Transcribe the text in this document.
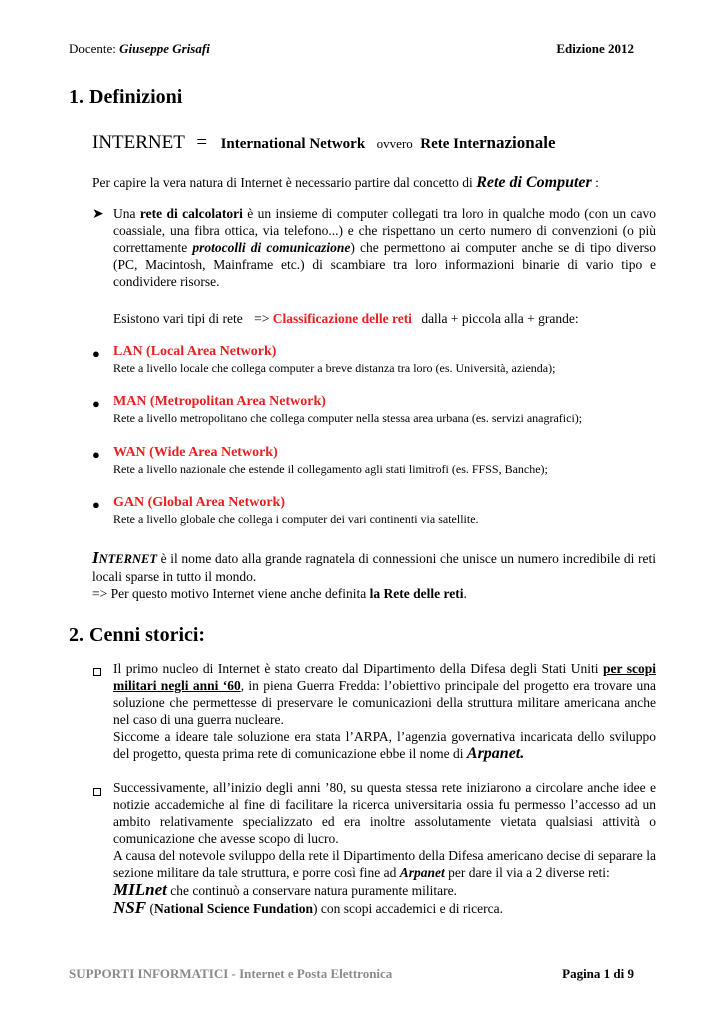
Docente: Giuseppe Grisafi	Edizione 2012
1. Definizioni
INTERNET = International Network ovvero Rete Internazionale
Per capire la vera natura di Internet è necessario partire dal concetto di Rete di Computer :
➤ Una rete di calcolatori è un insieme di computer collegati tra loro in qualche modo (con un cavo coassiale, una fibra ottica, via telefono...) e che rispettano un certo numero di convenzioni (o più correttamente protocolli di comunicazione) che permettono ai computer anche se di tipo diverso (PC, Macintosh, Mainframe etc.) di scambiare tra loro informazioni binarie di vario tipo e condividere risorse.
Esistono vari tipi di rete => Classificazione delle reti dalla + piccola alla + grande:
● LAN (Local Area Network)
Rete a livello locale che collega computer a breve distanza tra loro (es. Università, azienda);
● MAN (Metropolitan Area Network)
Rete a livello metropolitano che collega computer nella stessa area urbana (es. servizi anagrafici);
● WAN (Wide Area Network)
Rete a livello nazionale che estende il collegamento agli stati limitrofi (es. FFSS, Banche);
● GAN (Global Area Network)
Rete a livello globale che collega i computer dei vari continenti via satellite.
INTERNET è il nome dato alla grande ragnatela di connessioni che unisce un numero incredibile di reti locali sparse in tutto il mondo.
=> Per questo motivo Internet viene anche definita la Rete delle reti.
2. Cenni storici:
Il primo nucleo di Internet è stato creato dal Dipartimento della Difesa degli Stati Uniti per scopi militari negli anni ‘60, in piena Guerra Fredda: l’obiettivo principale del progetto era trovare una soluzione che permettesse di preservare le comunicazioni della struttura militare americana anche nel caso di una guerra nucleare.
Siccome a ideare tale soluzione era stata l’ARPA, l’agenzia governativa incaricata dello sviluppo del progetto, questa prima rete di comunicazione ebbe il nome di Arpanet.
Successivamente, all’inizio degli anni ’80, su questa stessa rete iniziarono a circolare anche idee e notizie accademiche al fine di facilitare la ricerca universitaria ossia fu permesso l’accesso ad un ambito relativamente specializzato ed era inoltre assolutamente vietata qualsiasi attività o comunicazione che avesse scopo di lucro.
A causa del notevole sviluppo della rete il Dipartimento della Difesa americano decise di separare la sezione militare da tale struttura, e porre così fine ad Arpanet per dare il via a 2 diverse reti:
MILnet che continuò a conservare natura puramente militare.
NSF (National Science Fundation) con scopi accademici e di ricerca.
SUPPORTI INFORMATICI - Internet e Posta Elettronica	Pagina 1 di 9
